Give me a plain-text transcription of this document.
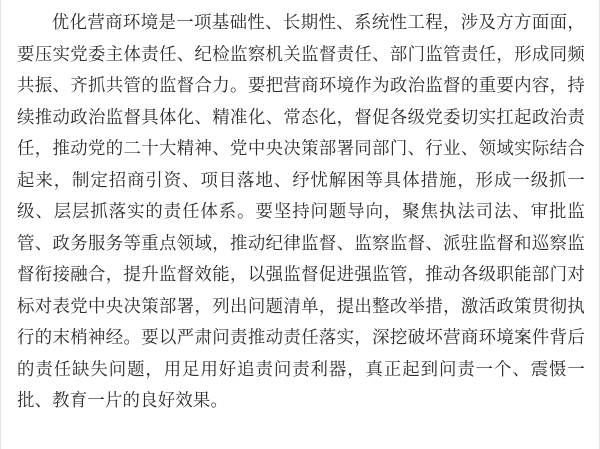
优化营商环境是一项基础性、长期性、系统性工程，涉及方方面面，要压实党委主体责任、纪检监察机关监督责任、部门监管责任，形成同频共振、齐抓共管的监督合力。要把营商环境作为政治监督的重要内容，持续推动政治监督具体化、精准化、常态化，督促各级党委切实扛起政治责任，推动党的二十大精神、党中央决策部署同部门、行业、领域实际结合起来，制定招商引资、项目落地、纾忧解困等具体措施，形成一级抓一级、层层抓落实的责任体系。要坚持问题导向，聚焦执法司法、审批监管、政务服务等重点领域，推动纪律监督、监察监督、派驻监督和巡察监督衔接融合，提升监督效能，以强监督促进强监管，推动各级职能部门对标对表党中央决策部署，列出问题清单，提出整改举措，激活政策贯彻执行的末梢神经。要以严肃问责推动责任落实，深挖破坏营商环境案件背后的责任缺失问题，用足用好追责问责利器，真正起到问责一个、震慑一批、教育一片的良好效果。
